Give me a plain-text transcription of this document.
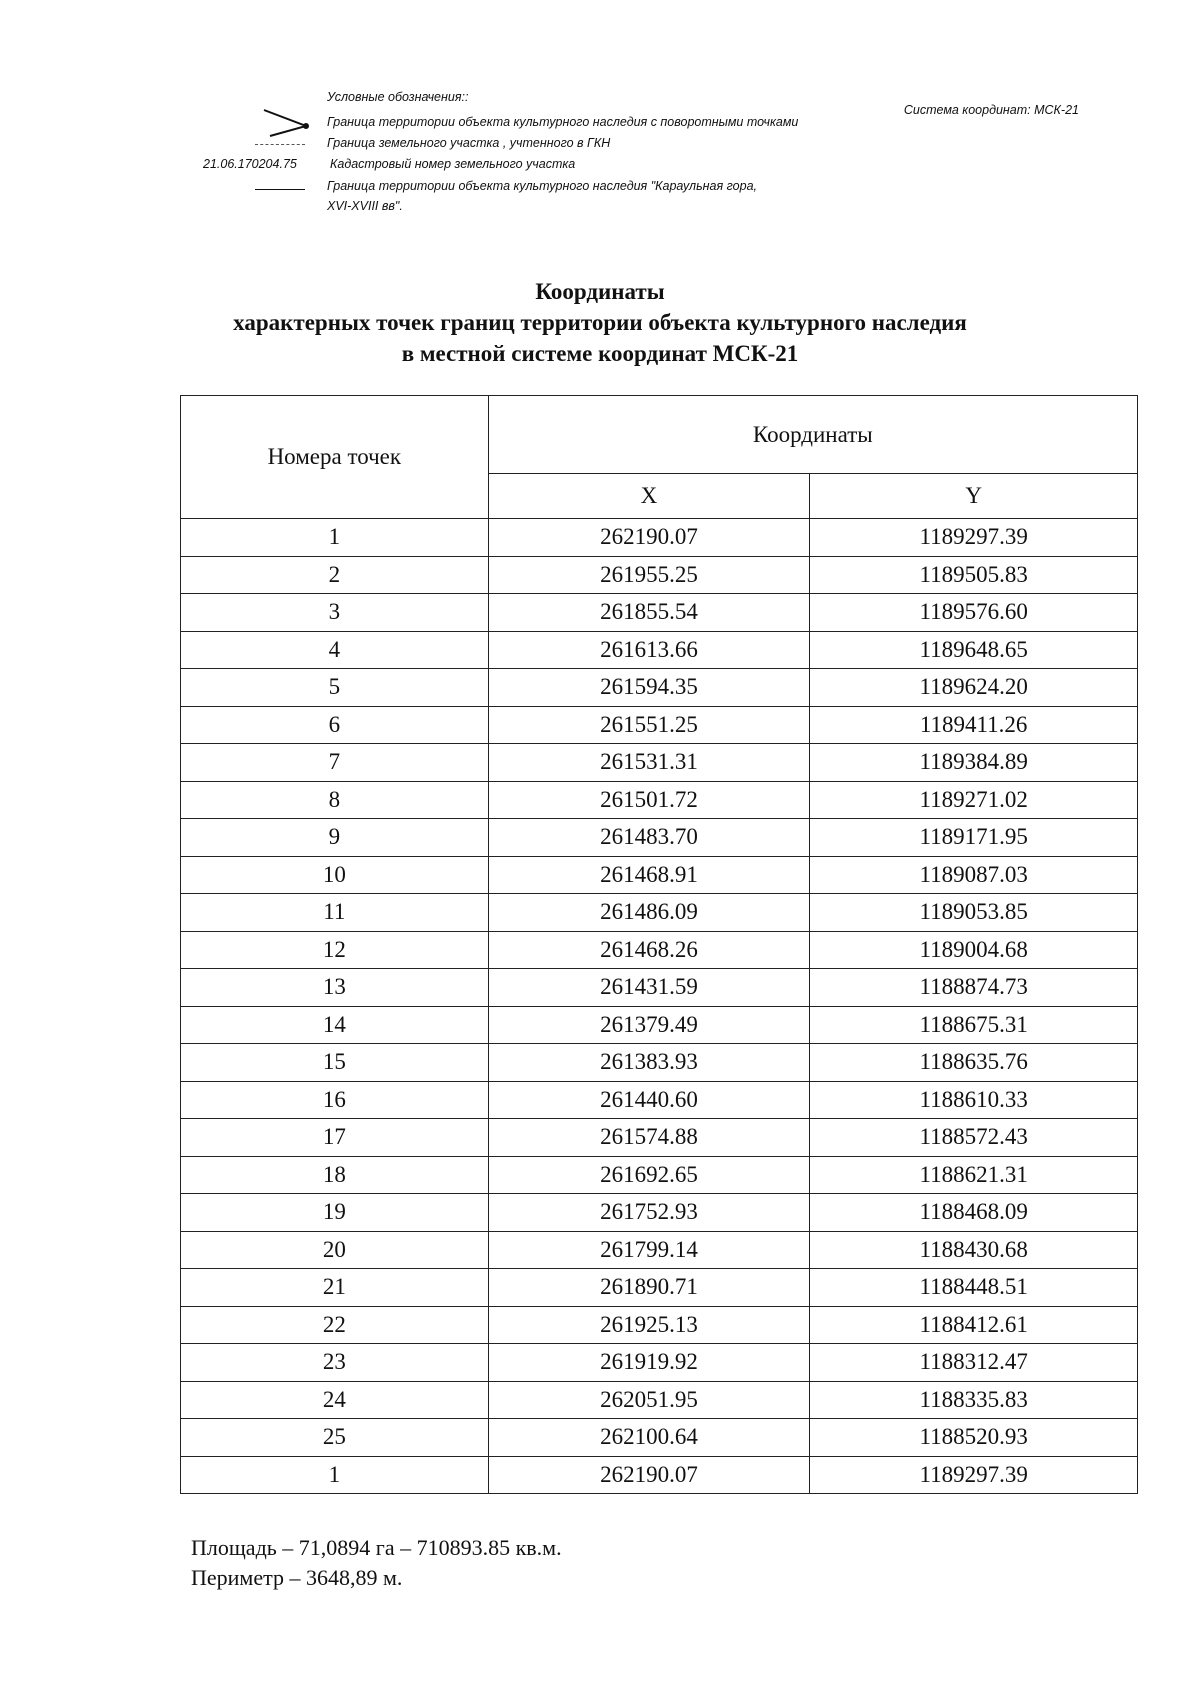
Условные обозначения::
Система координат: МСК-21
Граница территории объекта культурного наследия с поворотными точками
Граница земельного участка , учтенного в ГКН
21.06.170204.75	Кадастровый номер земельного участка
Граница территории объекта культурного наследия "Караульная гора,
XVI-XVIII вв".
Координаты
характерных точек границ территории объекта культурного наследия
в местной системе координат МСК-21
Номера точек	Координаты	
	X	Y
1	262190.07	1189297.39
2	261955.25	1189505.83
3	261855.54	1189576.60
4	261613.66	1189648.65
5	261594.35	1189624.20
6	261551.25	1189411.26
7	261531.31	1189384.89
8	261501.72	1189271.02
9	261483.70	1189171.95
10	261468.91	1189087.03
11	261486.09	1189053.85
12	261468.26	1189004.68
13	261431.59	1188874.73
14	261379.49	1188675.31
15	261383.93	1188635.76
16	261440.60	1188610.33
17	261574.88	1188572.43
18	261692.65	1188621.31
19	261752.93	1188468.09
20	261799.14	1188430.68
21	261890.71	1188448.51
22	261925.13	1188412.61
23	261919.92	1188312.47
24	262051.95	1188335.83
25	262100.64	1188520.93
1	262190.07	1189297.39
Площадь – 71,0894 га – 710893.85 кв.м.
Периметр – 3648,89 м.
